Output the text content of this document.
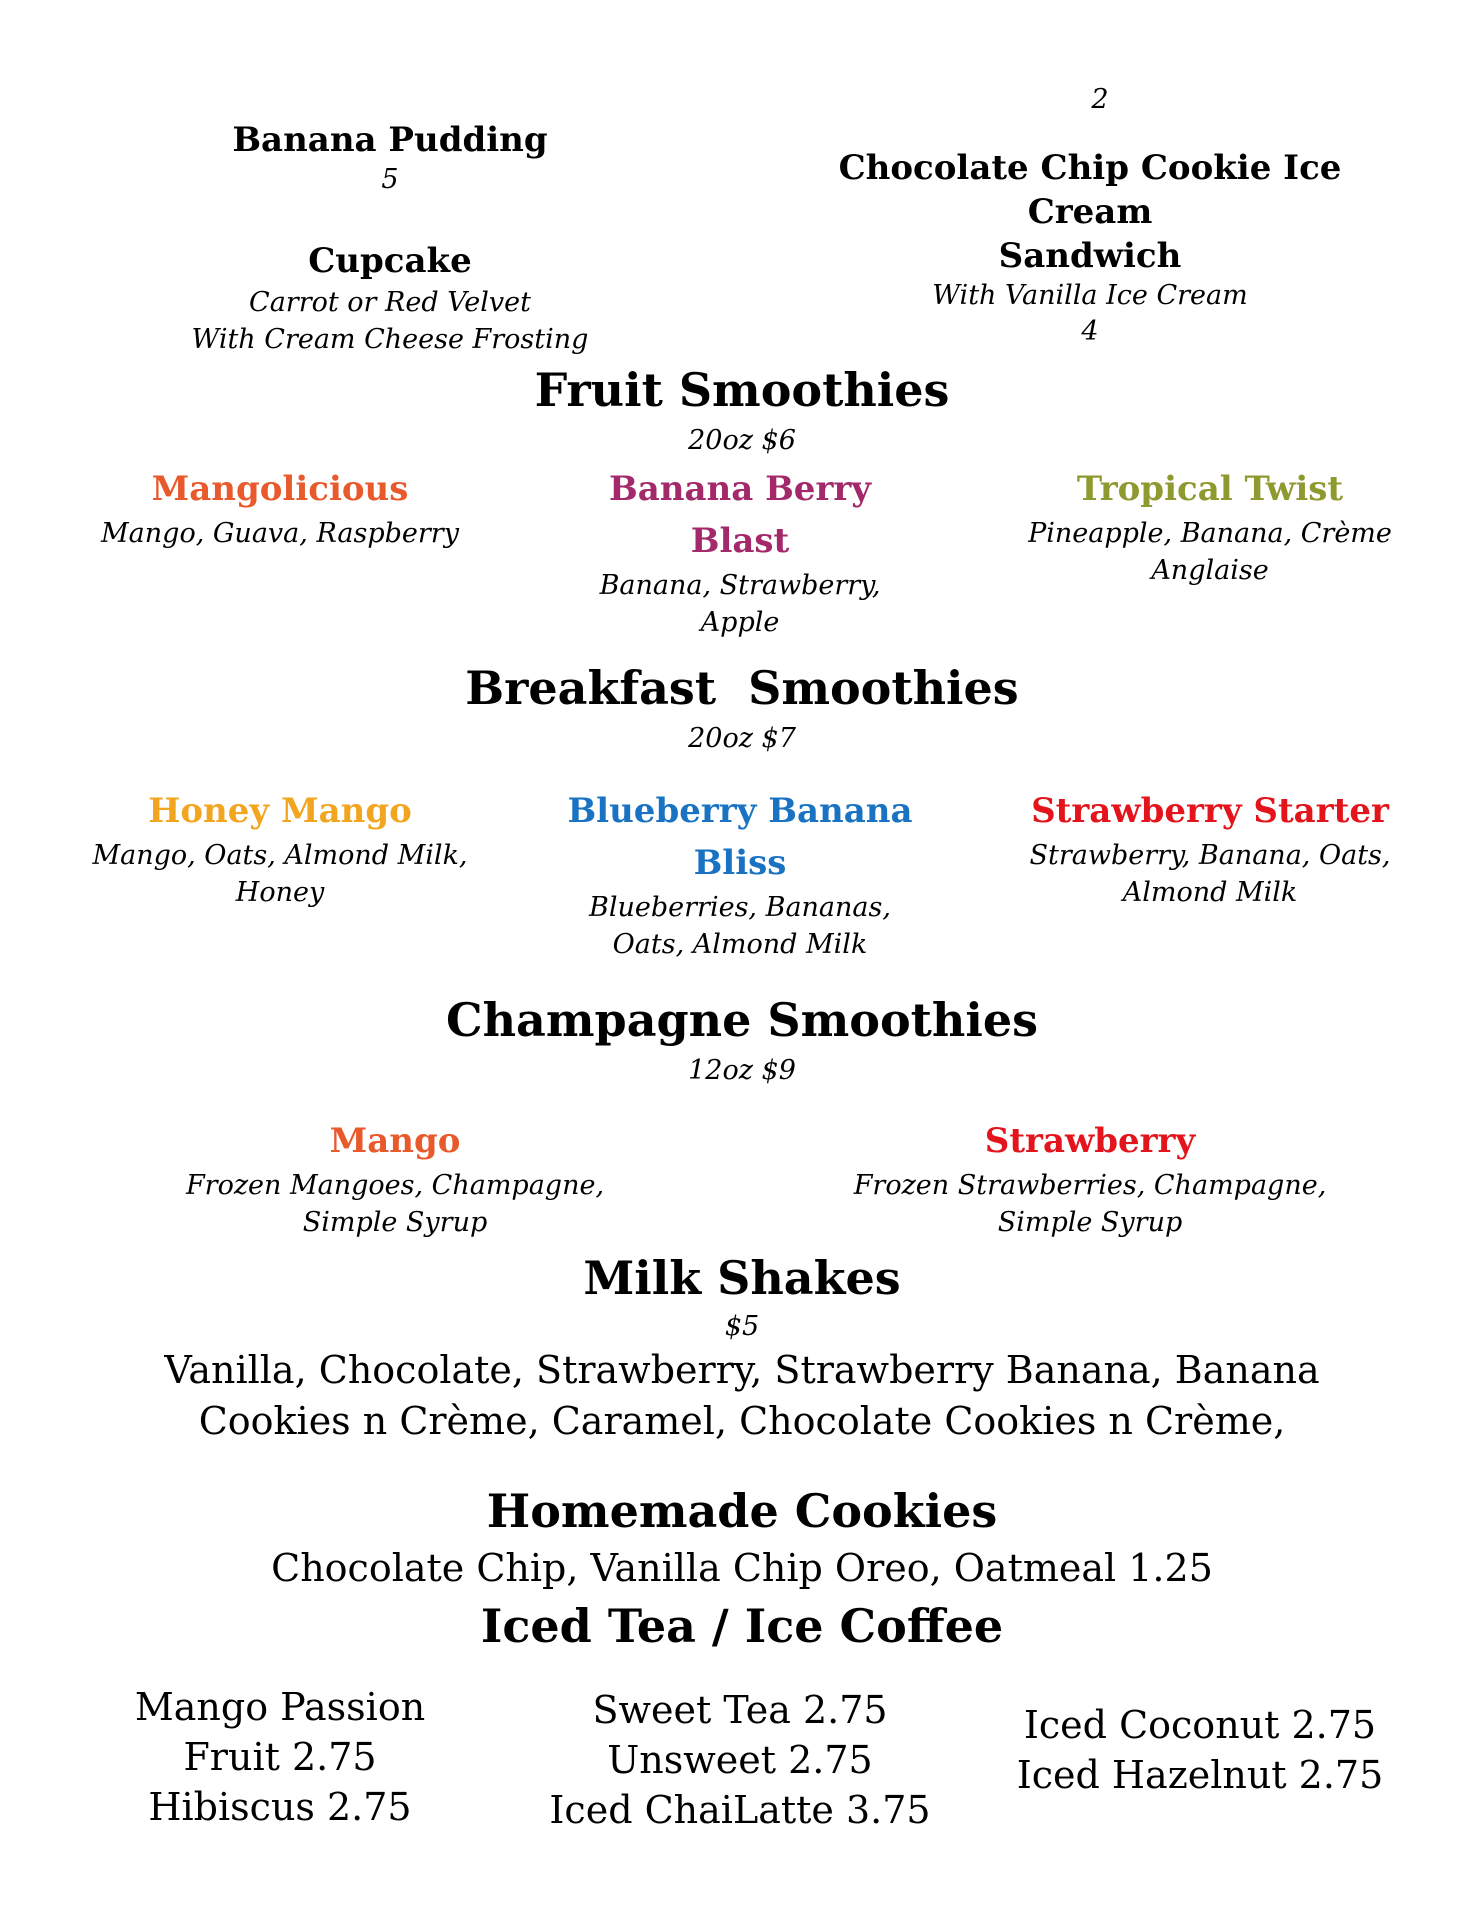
2
Banana Pudding
5
Cupcake
Carrot or Red Velvet
With Cream Cheese Frosting
Chocolate Chip Cookie Ice Cream
Sandwich
With Vanilla Ice Cream
4
Fruit Smoothies
20oz $6
Mangolicious
Mango, Guava, Raspberry
Banana Berry
Blast
Banana, Strawberry,
Apple
Tropical Twist
Pineapple, Banana, Crème
Anglaise
Breakfast  Smoothies
20oz $7
Honey Mango
Mango, Oats, Almond Milk,
Honey
Blueberry Banana
Bliss
Blueberries, Bananas,
Oats, Almond Milk
Strawberry Starter
Strawberry, Banana, Oats,
Almond Milk
Champagne Smoothies
12oz $9
Mango
Frozen Mangoes, Champagne,
Simple Syrup
Strawberry
Frozen Strawberries, Champagne,
Simple Syrup
Milk Shakes
$5
Vanilla, Chocolate, Strawberry, Strawberry Banana, Banana
Cookies n Crème, Caramel, Chocolate Cookies n Crème,
Homemade Cookies
Chocolate Chip, Vanilla Chip Oreo, Oatmeal 1.25
Iced Tea / Ice Coffee
Mango Passion
Fruit 2.75
Hibiscus 2.75
Sweet Tea 2.75
Unsweet 2.75
Iced ChaiLatte 3.75
Iced Coconut 2.75
Iced Hazelnut 2.75
